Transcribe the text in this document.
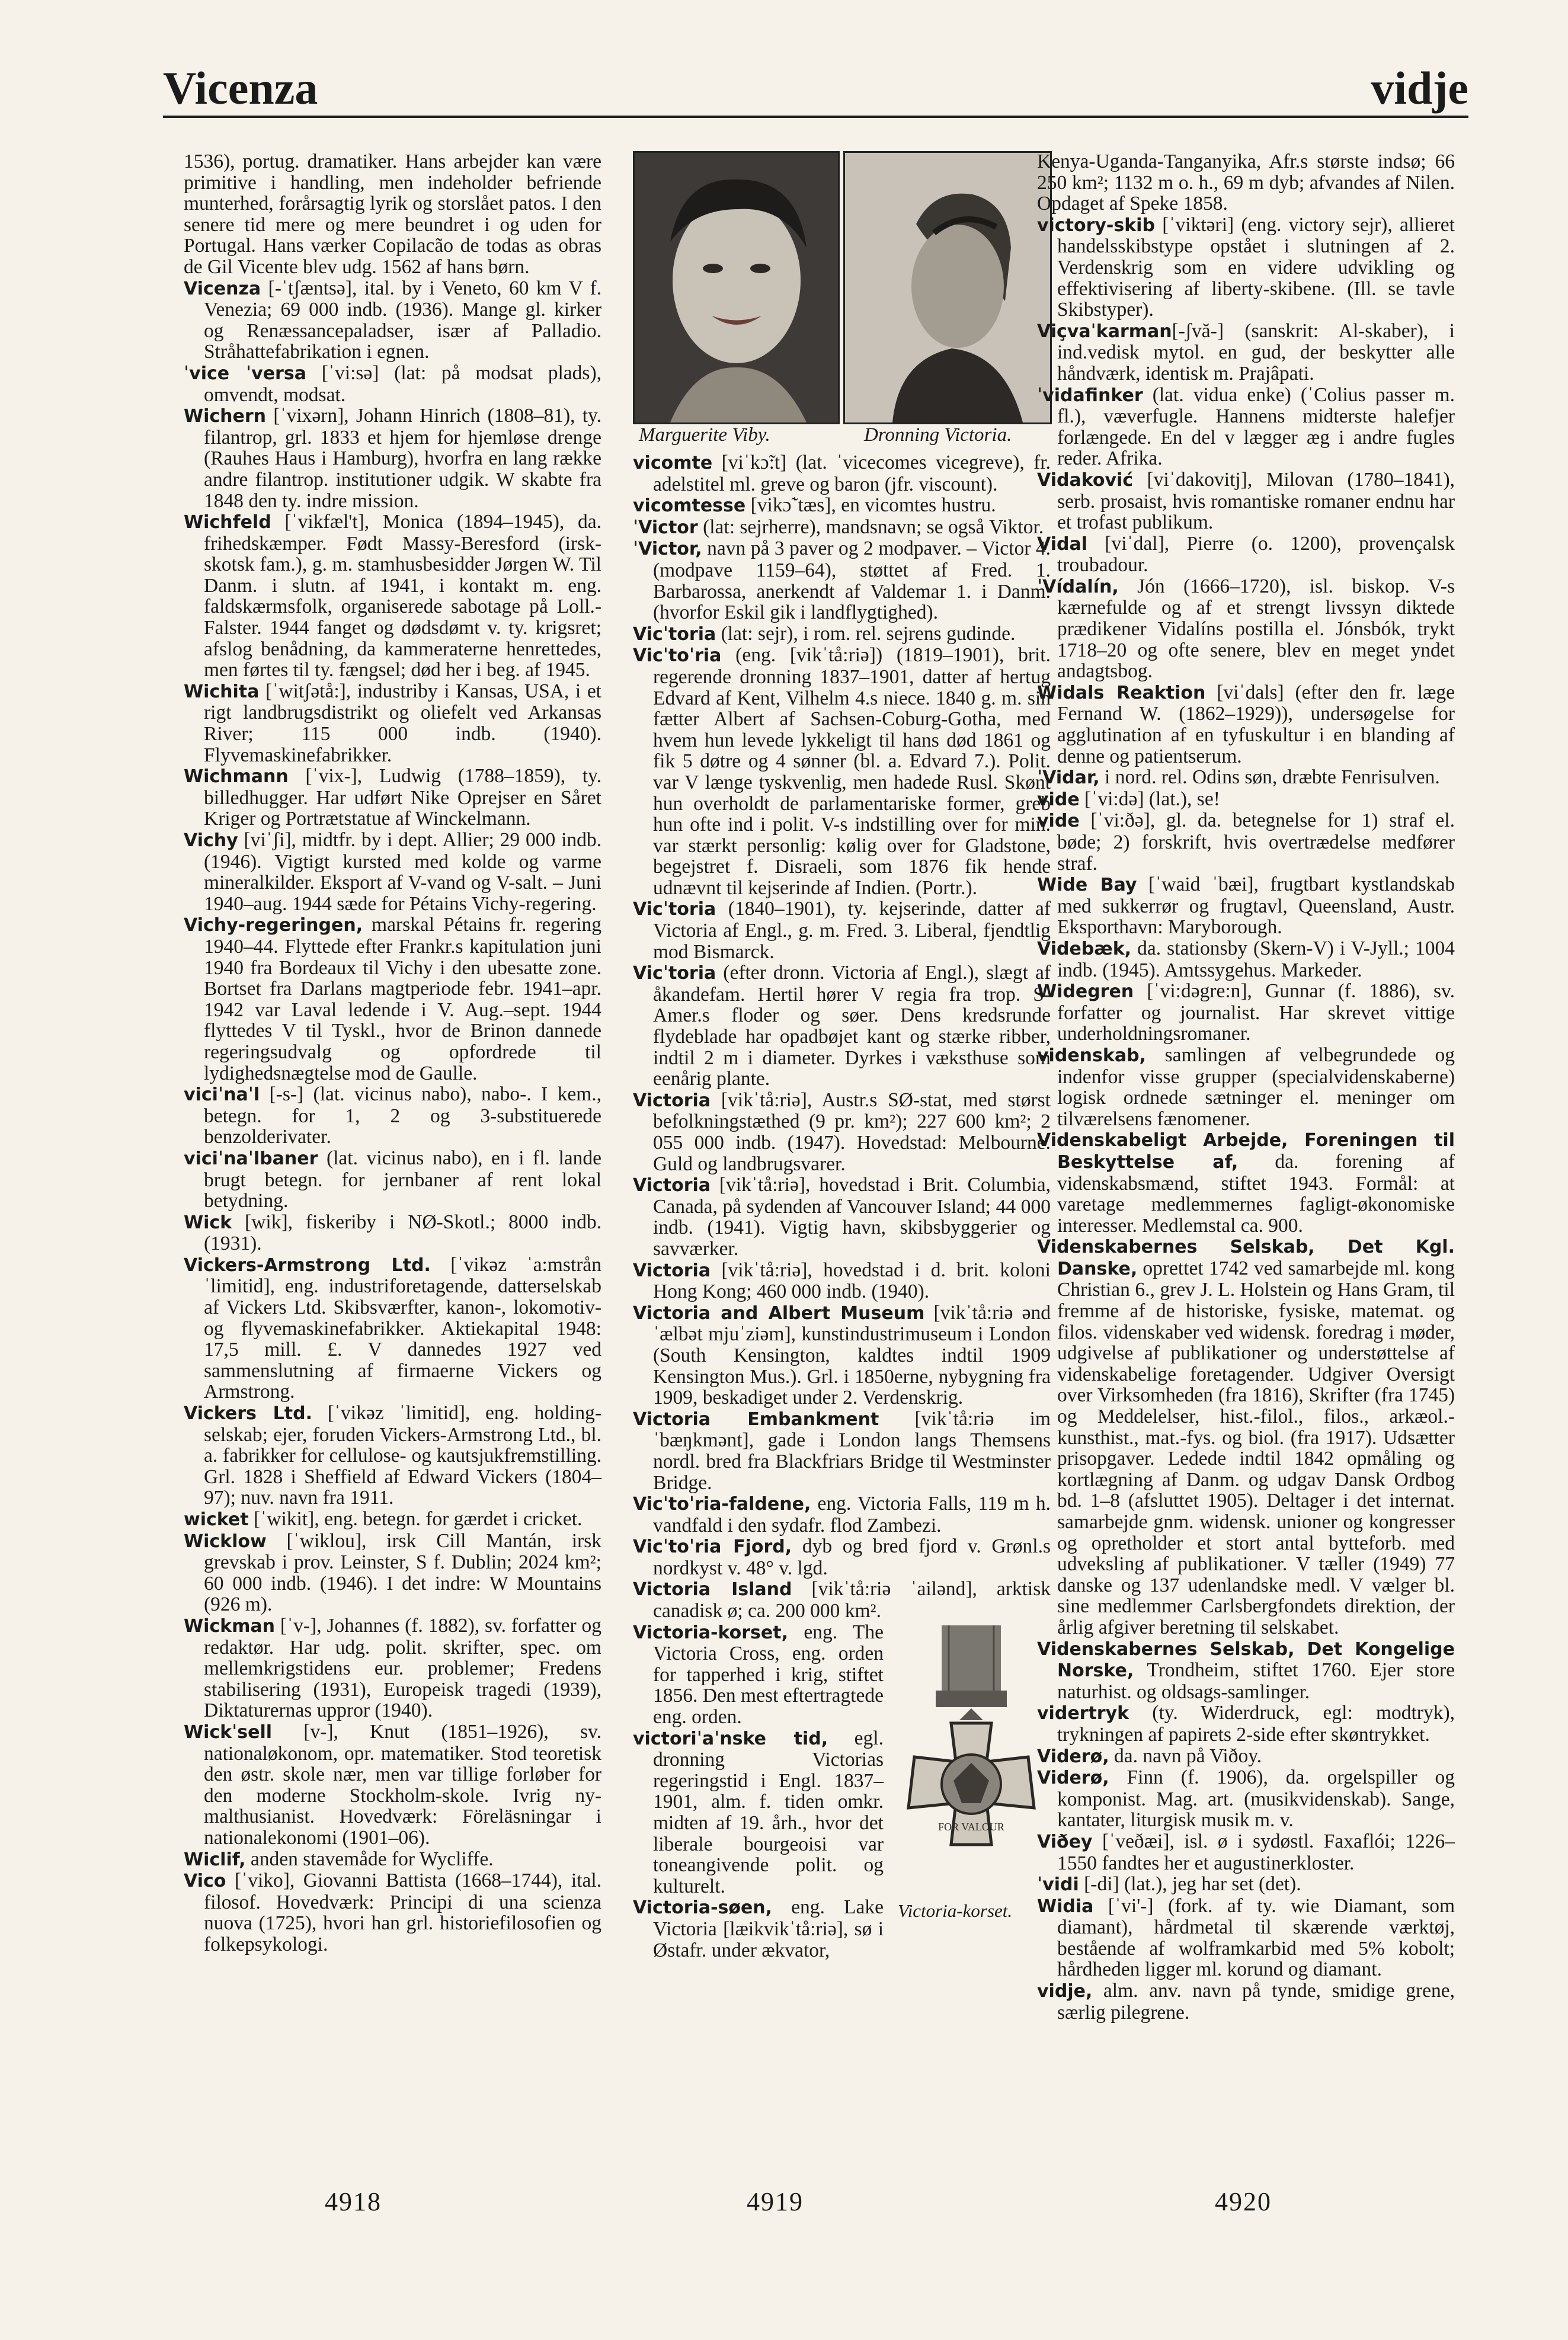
Vicenza	vidje

1536), portug. dramatiker. Hans arbejder kan være primitive i handling, men indeholder befriende munterhed, forårsagtig lyrik og storslået patos. I den senere tid mere og mere beundret i og uden for Portugal. Hans værker Copilacão de todas as obras de Gil Vicente blev udg. 1562 af hans børn.

Vicenza [-ˈtʃæntsə], ital. by i Veneto, 60 km V f. Venezia; 69 000 indb. (1936). Mange gl. kirker og Renæssancepaladser, især af Palladio. Stråhattefabrikation i egnen.

ˈvice ˈversa [ˈvi:sə] (lat: på modsat plads), omvendt, modsat.

Wichern [ˈvixərn], Johann Hinrich (1808–81), ty. filantrop, grl. 1833 et hjem for hjemløse drenge (Rauhes Haus i Hamburg), hvorfra en lang række andre filantrop. institutioner udgik. W skabte fra 1848 den ty. indre mission.

Wichfeld [ˈvikfæl't], Monica (1894–1945), da. frihedskæmper. Født Massy-Beresford (irsk-skotsk fam.), g. m. stamhusbesidder Jørgen W. Til Danm. i slutn. af 1941, i kontakt m. eng. faldskærmsfolk, organiserede sabotage på Loll.-Falster. 1944 fanget og dødsdømt v. ty. krigsret; afslog benådning, da kammeraterne henrettedes, men førtes til ty. fængsel; død her i beg. af 1945.

Wichita [ˈwitʃətå:], industriby i Kansas, USA, i et rigt landbrugsdistrikt og oliefelt ved Arkansas River; 115 000 indb. (1940). Flyvemaskinefabrikker.

Wichmann [ˈvix-], Ludwig (1788–1859), ty. billedhugger. Har udført Nike Oprejser en Såret Kriger og Portrætstatue af Winckelmann.

Vichy [viˈʃi], midtfr. by i dept. Allier; 29 000 indb. (1946). Vigtigt kursted med kolde og varme mineralkilder. Eksport af V-vand og V-salt. – Juni 1940–aug. 1944 sæde for Pétains Vichy-regering.

Vichy-regeringen, marskal Pétains fr. regering 1940–44. Flyttede efter Frankr.s kapitulation juni 1940 fra Bordeaux til Vichy i den ubesatte zone. Bortset fra Darlans magtperiode febr. 1941–apr. 1942 var Laval ledende i V. Aug.–sept. 1944 flyttedes V til Tyskl., hvor de Brinon dannede regeringsudvalg og opfordrede til lydighedsnægtelse mod de Gaulle.

viciˈnaˈl [-s-] (lat. vicinus nabo), nabo-. I kem., betegn. for 1, 2 og 3-substituerede benzolderivater.

viciˈnaˈlbaner (lat. vicinus nabo), en i fl. lande brugt betegn. for jernbaner af rent lokal betydning.

Wick [wik], fiskeriby i NØ-Skotl.; 8000 indb. (1931).

Vickers-Armstrong Ltd. [ˈvikəz ˈa:mstrån ˈlimitid], eng. industriforetagende, datterselskab af Vickers Ltd. Skibsværfter, kanon-, lokomotiv- og flyvemaskinefabrikker. Aktiekapital 1948: 17,5 mill. £. V dannedes 1927 ved sammenslutning af firmaerne Vickers og Armstrong.

Vickers Ltd. [ˈvikəz ˈlimitid], eng. holding-selskab; ejer, foruden Vickers-Armstrong Ltd., bl. a. fabrikker for cellulose- og kautsjukfremstilling. Grl. 1828 i Sheffield af Edward Vickers (1804–97); nuv. navn fra 1911.

wicket [ˈwikit], eng. betegn. for gærdet i cricket.

Wicklow [ˈwiklou], irsk Cill Mantán, irsk grevskab i prov. Leinster, S f. Dublin; 2024 km²; 60 000 indb. (1946). I det indre: W Mountains (926 m).

Wickman [ˈv-], Johannes (f. 1882), sv. forfatter og redaktør. Har udg. polit. skrifter, spec. om mellemkrigstidens eur. problemer; Fredens stabilisering (1931), Europeisk tragedi (1939), Diktaturernas uppror (1940).

Wickˈsell [v-], Knut (1851–1926), sv. nationaløkonom, opr. matematiker. Stod teoretisk den østr. skole nær, men var tillige forløber for den moderne Stockholm-skole. Ivrig ny-malthusianist. Hovedværk: Föreläsningar i nationalekonomi (1901–06).

Wiclif, anden stavemåde for Wycliffe.

Vico [ˈviko], Giovanni Battista (1668–1744), ital. filosof. Hovedværk: Principi di una scienza nuova (1725), hvori han grl. historiefilosofien og folkepsykologi.

Marguerite Viby.	Dronning Victoria.

vicomte [viˈkɔ̃:t] (lat. ˈvicecomes vicegreve), fr. adelstitel ml. greve og baron (jfr. viscount).

vicomtesse [vikɔ̃ˈtæs], en vicomtes hustru.

ˈVictor (lat: sejrherre), mandsnavn; se også Viktor.

ˈVictor, navn på 3 paver og 2 modpaver. – Victor 4. (modpave 1159–64), støttet af Fred. 1. Barbarossa, anerkendt af Valdemar 1. i Danm. (hvorfor Eskil gik i landflygtighed).

Vicˈtoria (lat: sejr), i rom. rel. sejrens gudinde.

Vicˈtoˈria (eng. [vikˈtå:riə]) (1819–1901), brit. regerende dronning 1837–1901, datter af hertug Edvard af Kent, Vilhelm 4.s niece. 1840 g. m. sin fætter Albert af Sachsen-Coburg-Gotha, med hvem hun levede lykkeligt til hans død 1861 og fik 5 døtre og 4 sønner (bl. a. Edvard 7.). Polit. var V længe tyskvenlig, men hadede Rusl. Skønt hun overholdt de parlamentariske former, greb hun ofte ind i polit. V-s indstilling over for min. var stærkt personlig: kølig over for Gladstone, begejstret f. Disraeli, som 1876 fik hende udnævnt til kejserinde af Indien. (Portr.).

Vicˈtoria (1840–1901), ty. kejserinde, datter af Victoria af Engl., g. m. Fred. 3. Liberal, fjendtlig mod Bismarck.

Vicˈtoria (efter dronn. Victoria af Engl.), slægt af åkandefam. Hertil hører V regia fra trop. S-Amer.s floder og søer. Dens kredsrunde flydeblade har opadbøjet kant og stærke ribber, indtil 2 m i diameter. Dyrkes i væksthuse som eenårig plante.

Victoria [vikˈtå:riə], Austr.s SØ-stat, med størst befolkningstæthed (9 pr. km²); 227 600 km²; 2 055 000 indb. (1947). Hovedstad: Melbourne. Guld og landbrugsvarer.

Victoria [vikˈtå:riə], hovedstad i Brit. Columbia, Canada, på sydenden af Vancouver Island; 44 000 indb. (1941). Vigtig havn, skibsbyggerier og savværker.

Victoria [vikˈtå:riə], hovedstad i d. brit. koloni Hong Kong; 460 000 indb. (1940).

Victoria and Albert Museum [vikˈtå:riə ənd ˈælbət mjuˈziəm], kunstindustrimuseum i London (South Kensington, kaldtes indtil 1909 Kensington Mus.). Grl. i 1850erne, nybygning fra 1909, beskadiget under 2. Verdenskrig.

Victoria Embankment [vikˈtå:riə imˈbæŋkmənt], gade i London langs Themsens nordl. bred fra Blackfriars Bridge til Westminster Bridge.

Vicˈtoˈria-faldene, eng. Victoria Falls, 119 m h. vandfald i den sydafr. flod Zambezi.

Vicˈtoˈria Fjord, dyb og bred fjord v. Grønl.s nordkyst v. 48° v. lgd.

Victoria Island [vikˈtå:riə ˈailənd], arktisk canadisk ø; ca. 200 000 km².

FOR VALOUR
Victoria-korset.

Victoria-korset, eng. The Victoria Cross, eng. orden for tapperhed i krig, stiftet 1856. Den mest eftertragtede eng. orden.

victoriˈaˈnske tid, egl. dronning Victorias regeringstid i Engl. 1837–1901, alm. f. tiden omkr. midten af 19. årh., hvor det liberale bourgeoisi var toneangivende polit. og kulturelt.

Victoria-søen, eng. Lake Victoria [læikvikˈtå:riə], sø i Østafr. under ækvator,

Kenya-Uganda-Tanganyika, Afr.s største indsø; 66 250 km²; 1132 m o. h., 69 m dyb; afvandes af Nilen. Opdaget af Speke 1858.

victory-skib [ˈviktəri] (eng. victory sejr), allieret handelsskibstype opstået i slutningen af 2. Verdenskrig som en videre udvikling og effektivisering af liberty-skibene. (Ill. se tavle Skibstyper).

Viçvaˈkarman[-ʃvă-] (sanskrit: Al-skaber), i ind.vedisk mytol. en gud, der beskytter alle håndværk, identisk m. Prajâpati.

ˈvidafinker (lat. vidua enke) (ˈColius passer m. fl.), væverfugle. Hannens midterste halefjer forlængede. En del v lægger æg i andre fugles reder. Afrika.

Vidaković [viˈdakovitj], Milovan (1780–1841), serb. prosaist, hvis romantiske romaner endnu har et trofast publikum.

Vidal [viˈdal], Pierre (o. 1200), provençalsk troubadour.

ˈVídalín, Jón (1666–1720), isl. biskop. V-s kærnefulde og af et strengt livssyn diktede prædikener Vidalíns postilla el. Jónsbók, trykt 1718–20 og ofte senere, blev en meget yndet andagtsbog.

Widals Reaktion [viˈdals] (efter den fr. læge Fernand W. (1862–1929)), undersøgelse for agglutination af en tyfuskultur i en blanding af denne og patientserum.

ˈVidar, i nord. rel. Odins søn, dræbte Fenrisulven.

vide [ˈvi:də] (lat.), se!

vide [ˈvi:ðə], gl. da. betegnelse for 1) straf el. bøde; 2) forskrift, hvis overtrædelse medfører straf.

Wide Bay [ˈwaid ˈbæi], frugtbart kystlandskab med sukkerrør og frugtavl, Queensland, Austr. Eksporthavn: Maryborough.

Videbæk, da. stationsby (Skern-V) i V-Jyll.; 1004 indb. (1945). Amtssygehus. Markeder.

Widegren [ˈvi:dəgre:n], Gunnar (f. 1886), sv. forfatter og journalist. Har skrevet vittige underholdningsromaner.

videnskab, samlingen af velbegrundede og indenfor visse grupper (specialvidenskaberne) logisk ordnede sætninger el. meninger om tilværelsens fænomener.

Videnskabeligt Arbejde, Foreningen til Beskyttelse af, da. forening af videnskabsmænd, stiftet 1943. Formål: at varetage medlemmernes fagligt-økonomiske interesser. Medlemstal ca. 900.

Videnskabernes Selskab, Det Kgl. Danske, oprettet 1742 ved samarbejde ml. kong Christian 6., grev J. L. Holstein og Hans Gram, til fremme af de historiske, fysiske, matemat. og filos. videnskaber ved widensk. foredrag i møder, udgivelse af publikationer og understøttelse af videnskabelige foretagender. Udgiver Oversigt over Virksomheden (fra 1816), Skrifter (fra 1745) og Meddelelser, hist.-filol., filos., arkæol.-kunsthist., mat.-fys. og biol. (fra 1917). Udsætter prisopgaver. Ledede indtil 1842 opmåling og kortlægning af Danm. og udgav Dansk Ordbog bd. 1–8 (afsluttet 1905). Deltager i det internat. samarbejde gnm. widensk. unioner og kongresser og opretholder et stort antal bytteforb. med udveksling af publikationer. V tæller (1949) 77 danske og 137 udenlandske medl. V vælger bl. sine medlemmer Carlsbergfondets direktion, der årlig afgiver beretning til selskabet.

Videnskabernes Selskab, Det Kongelige Norske, Trondheim, stiftet 1760. Ejer store naturhist. og oldsags-samlinger.

vidertryk (ty. Widerdruck, egl: modtryk), trykningen af papirets 2-side efter skøntrykket.

Viderø, da. navn på Viðoy.

Viderø, Finn (f. 1906), da. orgelspiller og komponist. Mag. art. (musikvidenskab). Sange, kantater, liturgisk musik m. v.

Viðey [ˈveðæi], isl. ø i sydøstl. Faxaflói; 1226–1550 fandtes her et augustinerkloster.

ˈvidi [-di] (lat.), jeg har set (det).

Widia [ˈvi'-] (fork. af ty. wie Diamant, som diamant), hårdmetal til skærende værktøj, bestående af wolframkarbid med 5% kobolt; hårdheden ligger ml. korund og diamant.

vidje, alm. anv. navn på tynde, smidige grene, særlig pilegrene.

4918	4919	4920
